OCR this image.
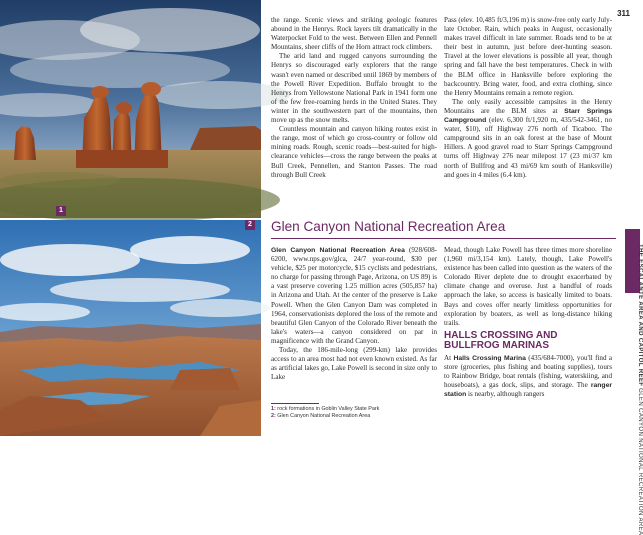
1
2
311

the range. Scenic views and striking geologic features abound in the Henrys. Rock layers tilt dramatically in the Waterpocket Fold to the west. Between Ellen and Pennell Mountains, sheer cliffs of the Horn attract rock climbers.

The arid land and rugged canyons surrounding the Henrys so discouraged early explorers that the range wasn't even named or described until 1869 by members of the Powell River Expedition. Buffalo brought to the Henrys from Yellowstone National Park in 1941 form one of the few free-roaming herds in the United States. They winter in the southwestern part of the mountains, then move up as the snow melts.

Countless mountain and canyon hiking routes exist in the range, most of which go cross-country or follow old mining roads. Rough, scenic roads—best-suited for high-clearance vehicles—cross the range between the peaks at Bull Creek, Pennellen, and Stanton Passes. The road through Bull Creek

Pass (elev. 10,485 ft/3,196 m) is snow-free only early July-late October. Rain, which peaks in August, occasionally makes travel difficult in late summer. Roads tend to be at their best in autumn, just before deer-hunting season. Travel at the lower elevations is possible all year, though spring and fall have the best temperatures. Check in with the BLM office in Hanksville before exploring the backcountry. Bring water, food, and extra clothing, since the Henry Mountains remain a remote region.

The only easily accessible campsites in the Henry Mountains are the BLM sites at Starr Springs Campground (elev. 6,300 ft/1,920 m, 435/542-3461, no water, $10), off Highway 276 north of Ticaboo. The campground sits in an oak forest at the base of Mount Hillers. A good gravel road to Starr Springs Campground turns off Highway 276 near milepost 17 (23 mi/37 km north of Bullfrog and 43 mi/69 km south of Hanksville) and goes in 4 miles (6.4 km).

Glen Canyon National Recreation Area

Glen Canyon National Recreation Area (928/608-6200, www.nps.gov/glca, 24/7 year-round, $30 per vehicle, $25 per motorcycle, $15 cyclists and pedestrians, no charge for passing through Page, Arizona, on US 89) is a vast preserve covering 1.25 million acres (505,857 ha) in Arizona and Utah. At the center of the preserve is Lake Powell. When the Glen Canyon Dam was completed in 1964, conservationists deplored the loss of the remote and beautiful Glen Canyon of the Colorado River beneath the lake's waters—a canyon considered on par in magnificence with the Grand Canyon.

Today, the 186-mile-long (299-km) lake provides access to an area most had not even known existed. As far as artificial lakes go, Lake Powell is second in size only to Lake

Mead, though Lake Powell has three times more shoreline (1,960 mi/3,154 km). Lately, though, Lake Powell's existence has been called into question as the waters of the Colorado River deplete due to drought exacerbated by climate change and overuse. Just a handful of roads approach the lake, so access is basically limited to boats. Bays and coves offer nearly limitless opportunities for exploration by boaters, as well as long-distance hiking trails.

HALLS CROSSING AND BULLFROG MARINAS

At Halls Crossing Marina (435/684-7000), you'll find a store (groceries, plus fishing and boating supplies), tours to Rainbow Bridge, boat rentals (fishing, waterskiing, and houseboats), a gas dock, slips, and storage. The ranger station is nearby, although rangers

1: rock formations in Goblin Valley State Park
2: Glen Canyon National Recreation Area
THE ESCALANTE AREA AND CAPITOL REEF GLEN CANYON NATIONAL RECREATION AREA
